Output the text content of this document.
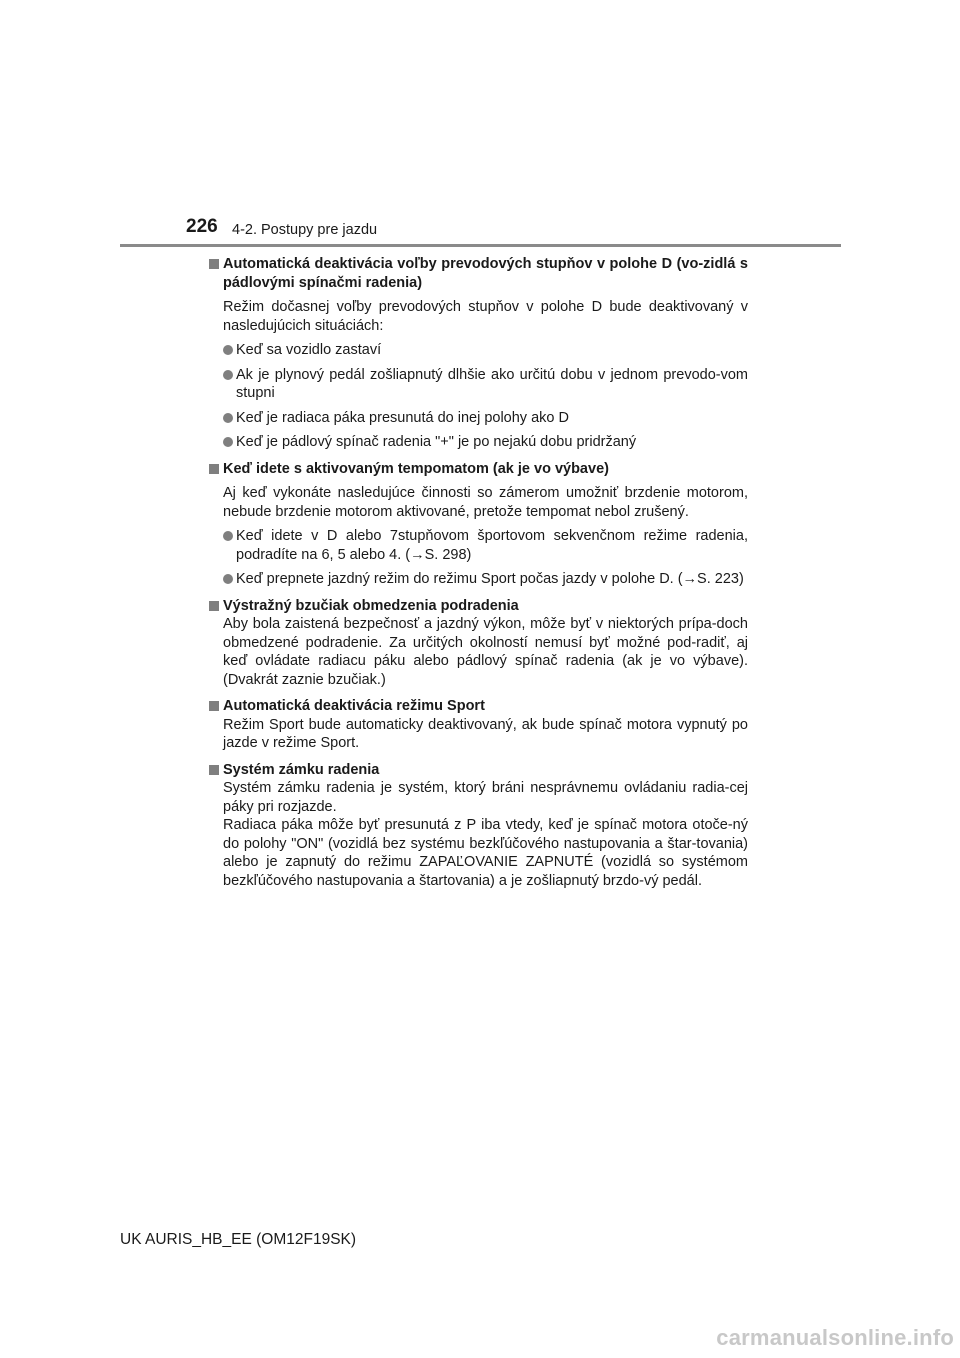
226 4-2. Postupy pre jazdu
Automatická deaktivácia voľby prevodových stupňov v polohe D (vo-zidlá s pádlovými spínačmi radenia)
Režim dočasnej voľby prevodových stupňov v polohe D bude deaktivovaný v nasledujúcich situáciách:
Keď sa vozidlo zastaví
Ak je plynový pedál zošliapnutý dlhšie ako určitú dobu v jednom prevodo-vom stupni
Keď je radiaca páka presunutá do inej polohy ako D
Keď je pádlový spínač radenia "+" je po nejakú dobu pridržaný
Keď idete s aktivovaným tempomatom (ak je vo výbave)
Aj keď vykonáte nasledujúce činnosti so zámerom umožniť brzdenie motorom, nebude brzdenie motorom aktivované, pretože tempomat nebol zrušený.
Keď idete v D alebo 7stupňovom športovom sekvenčnom režime radenia, podradíte na 6, 5 alebo 4. (→S. 298)
Keď prepnete jazdný režim do režimu Sport počas jazdy v polohe D. (→S. 223)
Výstražný bzučiak obmedzenia podradenia
Aby bola zaistená bezpečnosť a jazdný výkon, môže byť v niektorých prípa-doch obmedzené podradenie. Za určitých okolností nemusí byť možné pod-radiť, aj keď ovládate radiacu páku alebo pádlový spínač radenia (ak je vo výbave). (Dvakrát zaznie bzučiak.)
Automatická deaktivácia režimu Sport
Režim Sport bude automaticky deaktivovaný, ak bude spínač motora vypnutý po jazde v režime Sport.
Systém zámku radenia
Systém zámku radenia je systém, ktorý bráni nesprávnemu ovládaniu radia-cej páky pri rozjazde.
Radiaca páka môže byť presunutá z P iba vtedy, keď je spínač motora otoče-ný do polohy "ON" (vozidlá bez systému bezkľúčového nastupovania a štar-tovania) alebo je zapnutý do režimu ZAPAĽOVANIE ZAPNUTÉ (vozidlá so systémom bezkľúčového nastupovania a štartovania) a je zošliapnutý brzdo-vý pedál.
UK AURIS_HB_EE (OM12F19SK)
carmanualsonline.info
